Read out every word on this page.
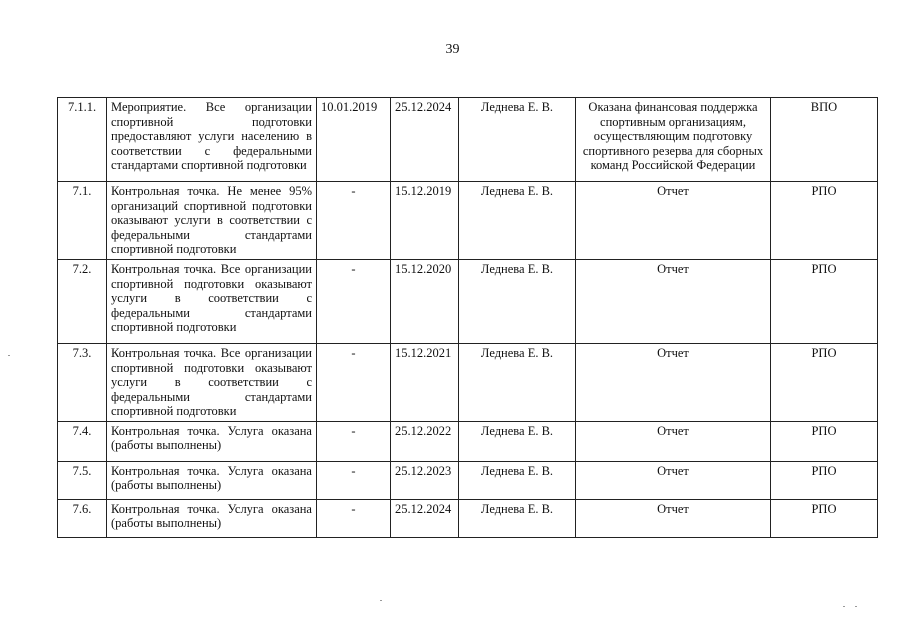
39
7.1.1.	Мероприятие. Все организации спортивной подготовки предоставляют услуги населению в соответствии с федеральными стандартами спортивной подготовки	10.01.2019	25.12.2024	Леднева Е. В.	Оказана финансовая поддержка спортивным организациям, осуществляющим подготовку спортивного резерва для сборных команд Российской Федерации	ВПО
7.1.	Контрольная точка. Не менее 95% организаций спортивной подготовки оказывают услуги в соответствии с федеральными стандартами спортивной подготовки	-	15.12.2019	Леднева Е. В.	Отчет	РПО
7.2.	Контрольная точка. Все организации спортивной подготовки оказывают услуги в соответствии с федеральными стандартами спортивной подготовки	-	15.12.2020	Леднева Е. В.	Отчет	РПО
7.3.	Контрольная точка. Все организации спортивной подготовки оказывают услуги в соответствии с федеральными стандартами спортивной подготовки	-	15.12.2021	Леднева Е. В.	Отчет	РПО
7.4.	Контрольная точка. Услуга оказана (работы выполнены)	-	25.12.2022	Леднева Е. В.	Отчет	РПО
7.5.	Контрольная точка. Услуга оказана (работы выполнены)	-	25.12.2023	Леднева Е. В.	Отчет	РПО
7.6.	Контрольная точка. Услуга оказана (работы выполнены)	-	25.12.2024	Леднева Е. В.	Отчет	РПО
